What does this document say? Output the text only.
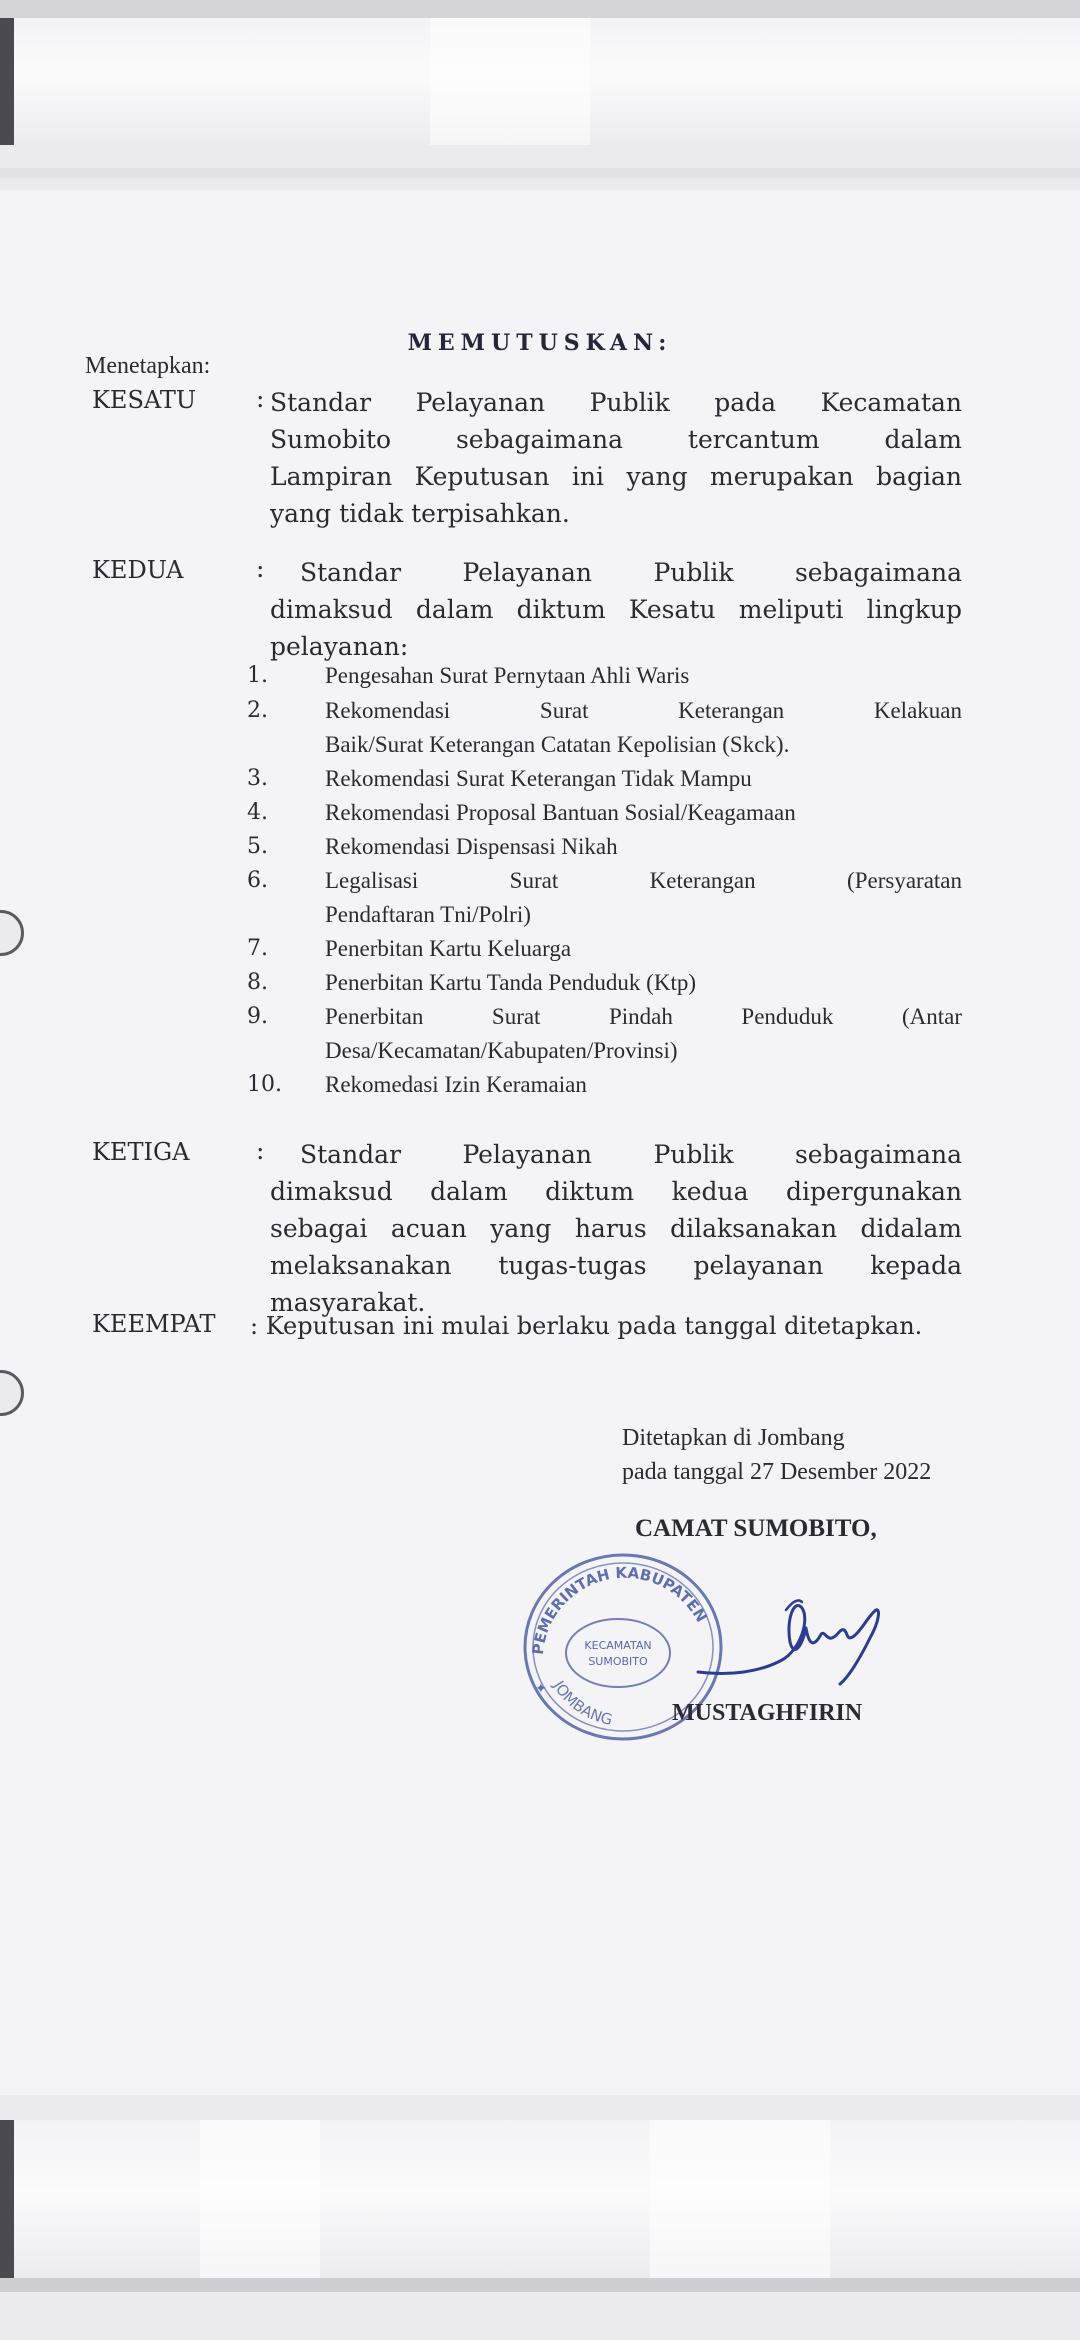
MEMUTUSKAN:
Menetapkan:
KESATU : Standar Pelayanan Publik pada Kecamatan
Sumobito sebagaimana tercantum dalam
Lampiran Keputusan ini yang merupakan bagian
yang tidak terpisahkan.
KEDUA	: Standar Pelayanan Publik sebagaimana
dimaksud dalam diktum Kesatu meliputi lingkup
pelayanan:
1.	Pengesahan Surat Pernytaan Ahli Waris
2.	Rekomendasi Surat Keterangan Kelakuan
Baik/Surat Keterangan Catatan Kepolisian (Skck).
3.	Rekomendasi Surat Keterangan Tidak Mampu
4.	Rekomendasi Proposal Bantuan Sosial/Keagamaan
5.	Rekomendasi Dispensasi Nikah
6.	Legalisasi Surat Keterangan (Persyaratan
Pendaftaran Tni/Polri)
7.	Penerbitan Kartu Keluarga
8.	Penerbitan Kartu Tanda Penduduk (Ktp)
9.	Penerbitan Surat Pindah Penduduk (Antar
Desa/Kecamatan/Kabupaten/Provinsi)
10. Rekomedasi Izin Keramaian
KETIGA	: Standar Pelayanan Publik sebagaimana
dimaksud dalam diktum kedua dipergunakan
sebagai acuan yang harus dilaksanakan didalam
melaksanakan tugas-tugas pelayanan kepada
masyarakat.
KEEMPAT : Keputusan ini mulai berlaku pada tanggal ditetapkan.
Ditetapkan di Jombang
pada tanggal 27 Desember 2022
PEMERINTAH KABUPATEN
KECAMATAN
SUMOBITO
JOMBANG
✦
CAMAT SUMOBITO,
MUSTAGHFIRIN
